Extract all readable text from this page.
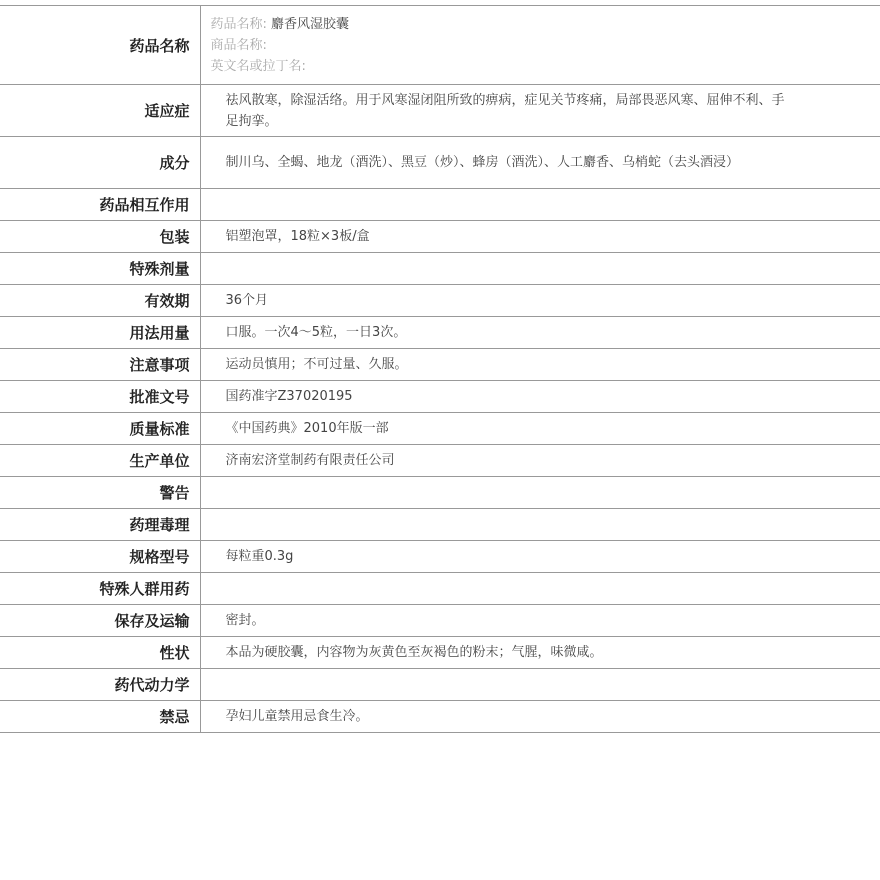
药品名称	药品名称: 麝香风湿胶囊
商品名称:
英文名或拉丁名:

适应症	祛风散寒，除湿活络。用于风寒湿闭阻所致的痹病，症见关节疼痛，局部畏恶风寒、屈伸不利、手足拘挛。
成分	制川乌、全蝎、地龙（酒洗）、黑豆（炒）、蜂房（酒洗）、人工麝香、乌梢蛇（去头酒浸）
药品相互作用	
包装	铝塑泡罩，18粒×3板/盒
特殊剂量	
有效期	36个月
用法用量	口服。一次4～5粒，一日3次。
注意事项	运动员慎用；不可过量、久服。
批准文号	国药准字Z37020195
质量标准	《中国药典》2010年版一部
生产单位	济南宏济堂制药有限责任公司
警告	
药理毒理	
规格型号	每粒重0.3g
特殊人群用药	
保存及运输	密封。
性状	本品为硬胶囊，内容物为灰黄色至灰褐色的粉末；气腥，味微咸。
药代动力学	
禁忌	孕妇儿童禁用忌食生冷。
